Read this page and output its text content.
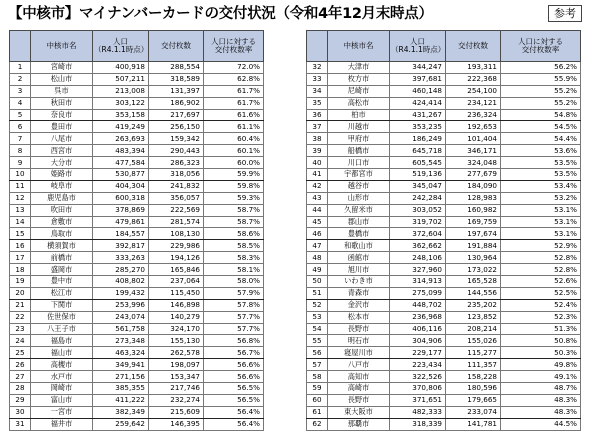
【中核市】マイナンバーカードの交付状況（令和4年12月末時点）	参考
	中核市名	人口
（R4.1.1時点）	交付枚数	人口に対する
交付枚数率

1	宮崎市	400,918	288,554	72.0%
2	松山市	507,211	318,589	62.8%
3	呉市	213,008	131,397	61.7%
4	秋田市	303,122	186,902	61.7%
5	奈良市	353,158	217,697	61.6%
6	豊田市	419,249	256,150	61.1%
7	八尾市	263,693	159,342	60.4%
8	西宮市	483,394	290,443	60.1%
9	大分市	477,584	286,323	60.0%
10	姫路市	530,877	318,056	59.9%
11	岐阜市	404,304	241,832	59.8%
12	鹿児島市	600,318	356,057	59.3%
13	吹田市	378,869	222,569	58.7%
14	倉敷市	479,861	281,574	58.7%
15	鳥取市	184,557	108,130	58.6%
16	横須賀市	392,817	229,986	58.5%
17	前橋市	333,263	194,126	58.3%
18	盛岡市	285,270	165,846	58.1%
19	豊中市	408,802	237,064	58.0%
20	松江市	199,432	115,450	57.9%
21	下関市	253,996	146,898	57.8%
22	佐世保市	243,074	140,279	57.7%
23	八王子市	561,758	324,170	57.7%
24	福島市	273,348	155,130	56.8%
25	福山市	463,324	262,578	56.7%
26	高槻市	349,941	198,097	56.6%
27	水戸市	271,156	153,347	56.6%
28	岡崎市	385,355	217,746	56.5%
29	富山市	411,222	232,274	56.5%
30	一宮市	382,349	215,609	56.4%
31	福井市	259,642	146,395	56.4%
	中核市名	人口
（R4.1.1時点）	交付枚数	人口に対する
交付枚数率

32	大津市	344,247	193,311	56.2%
33	枚方市	397,681	222,368	55.9%
34	尼崎市	460,148	254,100	55.2%
35	高松市	424,414	234,121	55.2%
36	柏市	431,267	236,324	54.8%
37	川越市	353,235	192,653	54.5%
38	甲府市	186,249	101,404	54.4%
39	船橋市	645,718	346,171	53.6%
40	川口市	605,545	324,048	53.5%
41	宇都宮市	519,136	277,679	53.5%
42	越谷市	345,047	184,090	53.4%
43	山形市	242,284	128,983	53.2%
44	久留米市	303,052	160,982	53.1%
45	郡山市	319,702	169,759	53.1%
46	豊橋市	372,604	197,674	53.1%
47	和歌山市	362,662	191,884	52.9%
48	函館市	248,106	130,964	52.8%
49	旭川市	327,960	173,022	52.8%
50	いわき市	314,913	165,528	52.6%
51	青森市	275,099	144,556	52.5%
52	金沢市	448,702	235,202	52.4%
53	松本市	236,968	123,852	52.3%
54	長野市	406,116	208,214	51.3%
55	明石市	304,906	155,026	50.8%
56	寝屋川市	229,177	115,277	50.3%
57	八戸市	223,434	111,357	49.8%
58	高知市	322,526	158,228	49.1%
59	高崎市	370,806	180,596	48.7%
60	長野市	371,651	179,665	48.3%
61	東大阪市	482,333	233,074	48.3%
62	那覇市	318,339	141,781	44.5%
